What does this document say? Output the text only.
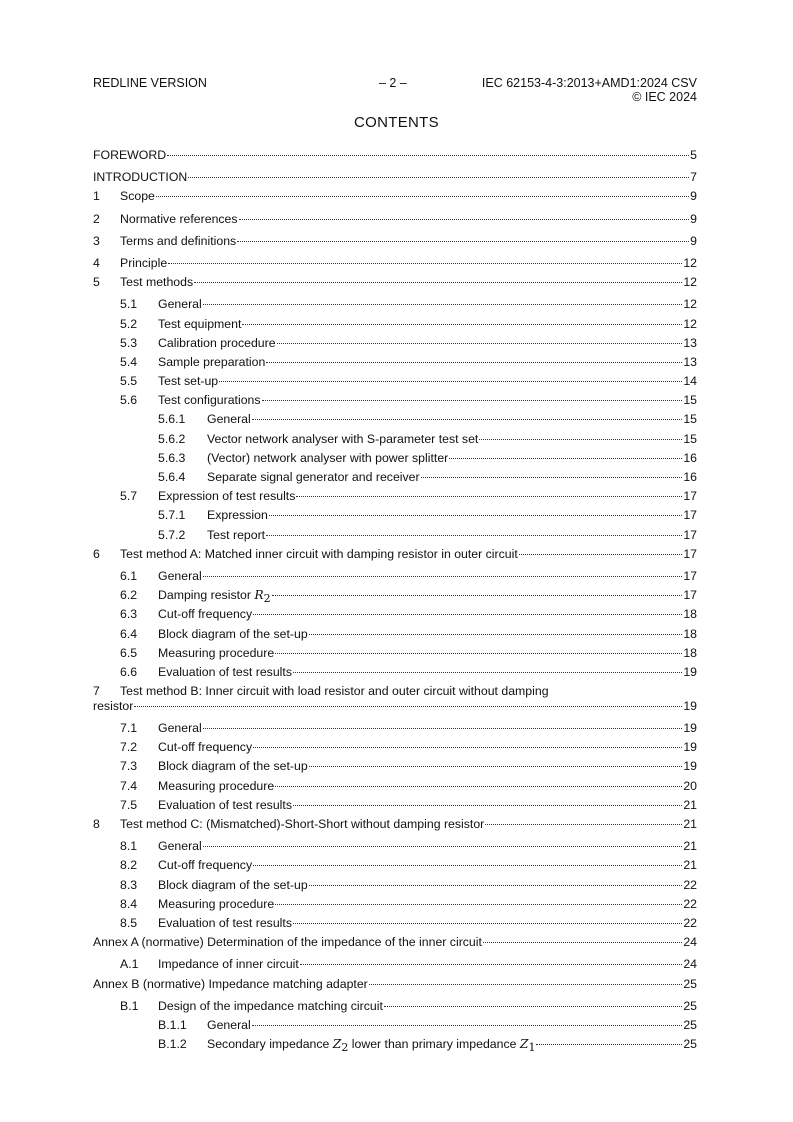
REDLINE VERSION	– 2 –	IEC 62153-4-3:2013+AMD1:2024 CSV
© IEC 2024
CONTENTS
FOREWORD	5
INTRODUCTION	7
1 Scope	9
2 Normative references	9
3 Terms and definitions	9
4 Principle	12
5 Test methods	12
5.1 General	12
5.2 Test equipment	12
5.3 Calibration procedure	13
5.4 Sample preparation	13
5.5 Test set-up	14
5.6 Test configurations	15
5.6.1 General	15
5.6.2 Vector network analyser with S-parameter test set	15
5.6.3 (Vector) network analyser with power splitter	16
5.6.4 Separate signal generator and receiver	16
5.7 Expression of test results	17
5.7.1 Expression	17
5.7.2 Test report	17
6 Test method A: Matched inner circuit with damping resistor in outer circuit	17
6.1 General	17
6.2 Damping resistor $R_2$	17
6.3 Cut-off frequency	18
6.4 Block diagram of the set-up	18
6.5 Measuring procedure	18
6.6 Evaluation of test results	19
7 Test method B: Inner circuit with load resistor and outer circuit without damping
resistor	19
7.1 General	19
7.2 Cut-off frequency	19
7.3 Block diagram of the set-up	19
7.4 Measuring procedure	20
7.5 Evaluation of test results	21
8 Test method C: (Mismatched)-Short-Short without damping resistor	21
8.1 General	21
8.2 Cut-off frequency	21
8.3 Block diagram of the set-up	22
8.4 Measuring procedure	22
8.5 Evaluation of test results	22
Annex A (normative) Determination of the impedance of the inner circuit	24
A.1 Impedance of inner circuit	24
Annex B (normative) Impedance matching adapter	25
B.1 Design of the impedance matching circuit	25
B.1.1 General	25
B.1.2 Secondary impedance $Z_2$ lower than primary impedance $Z_1$	25
